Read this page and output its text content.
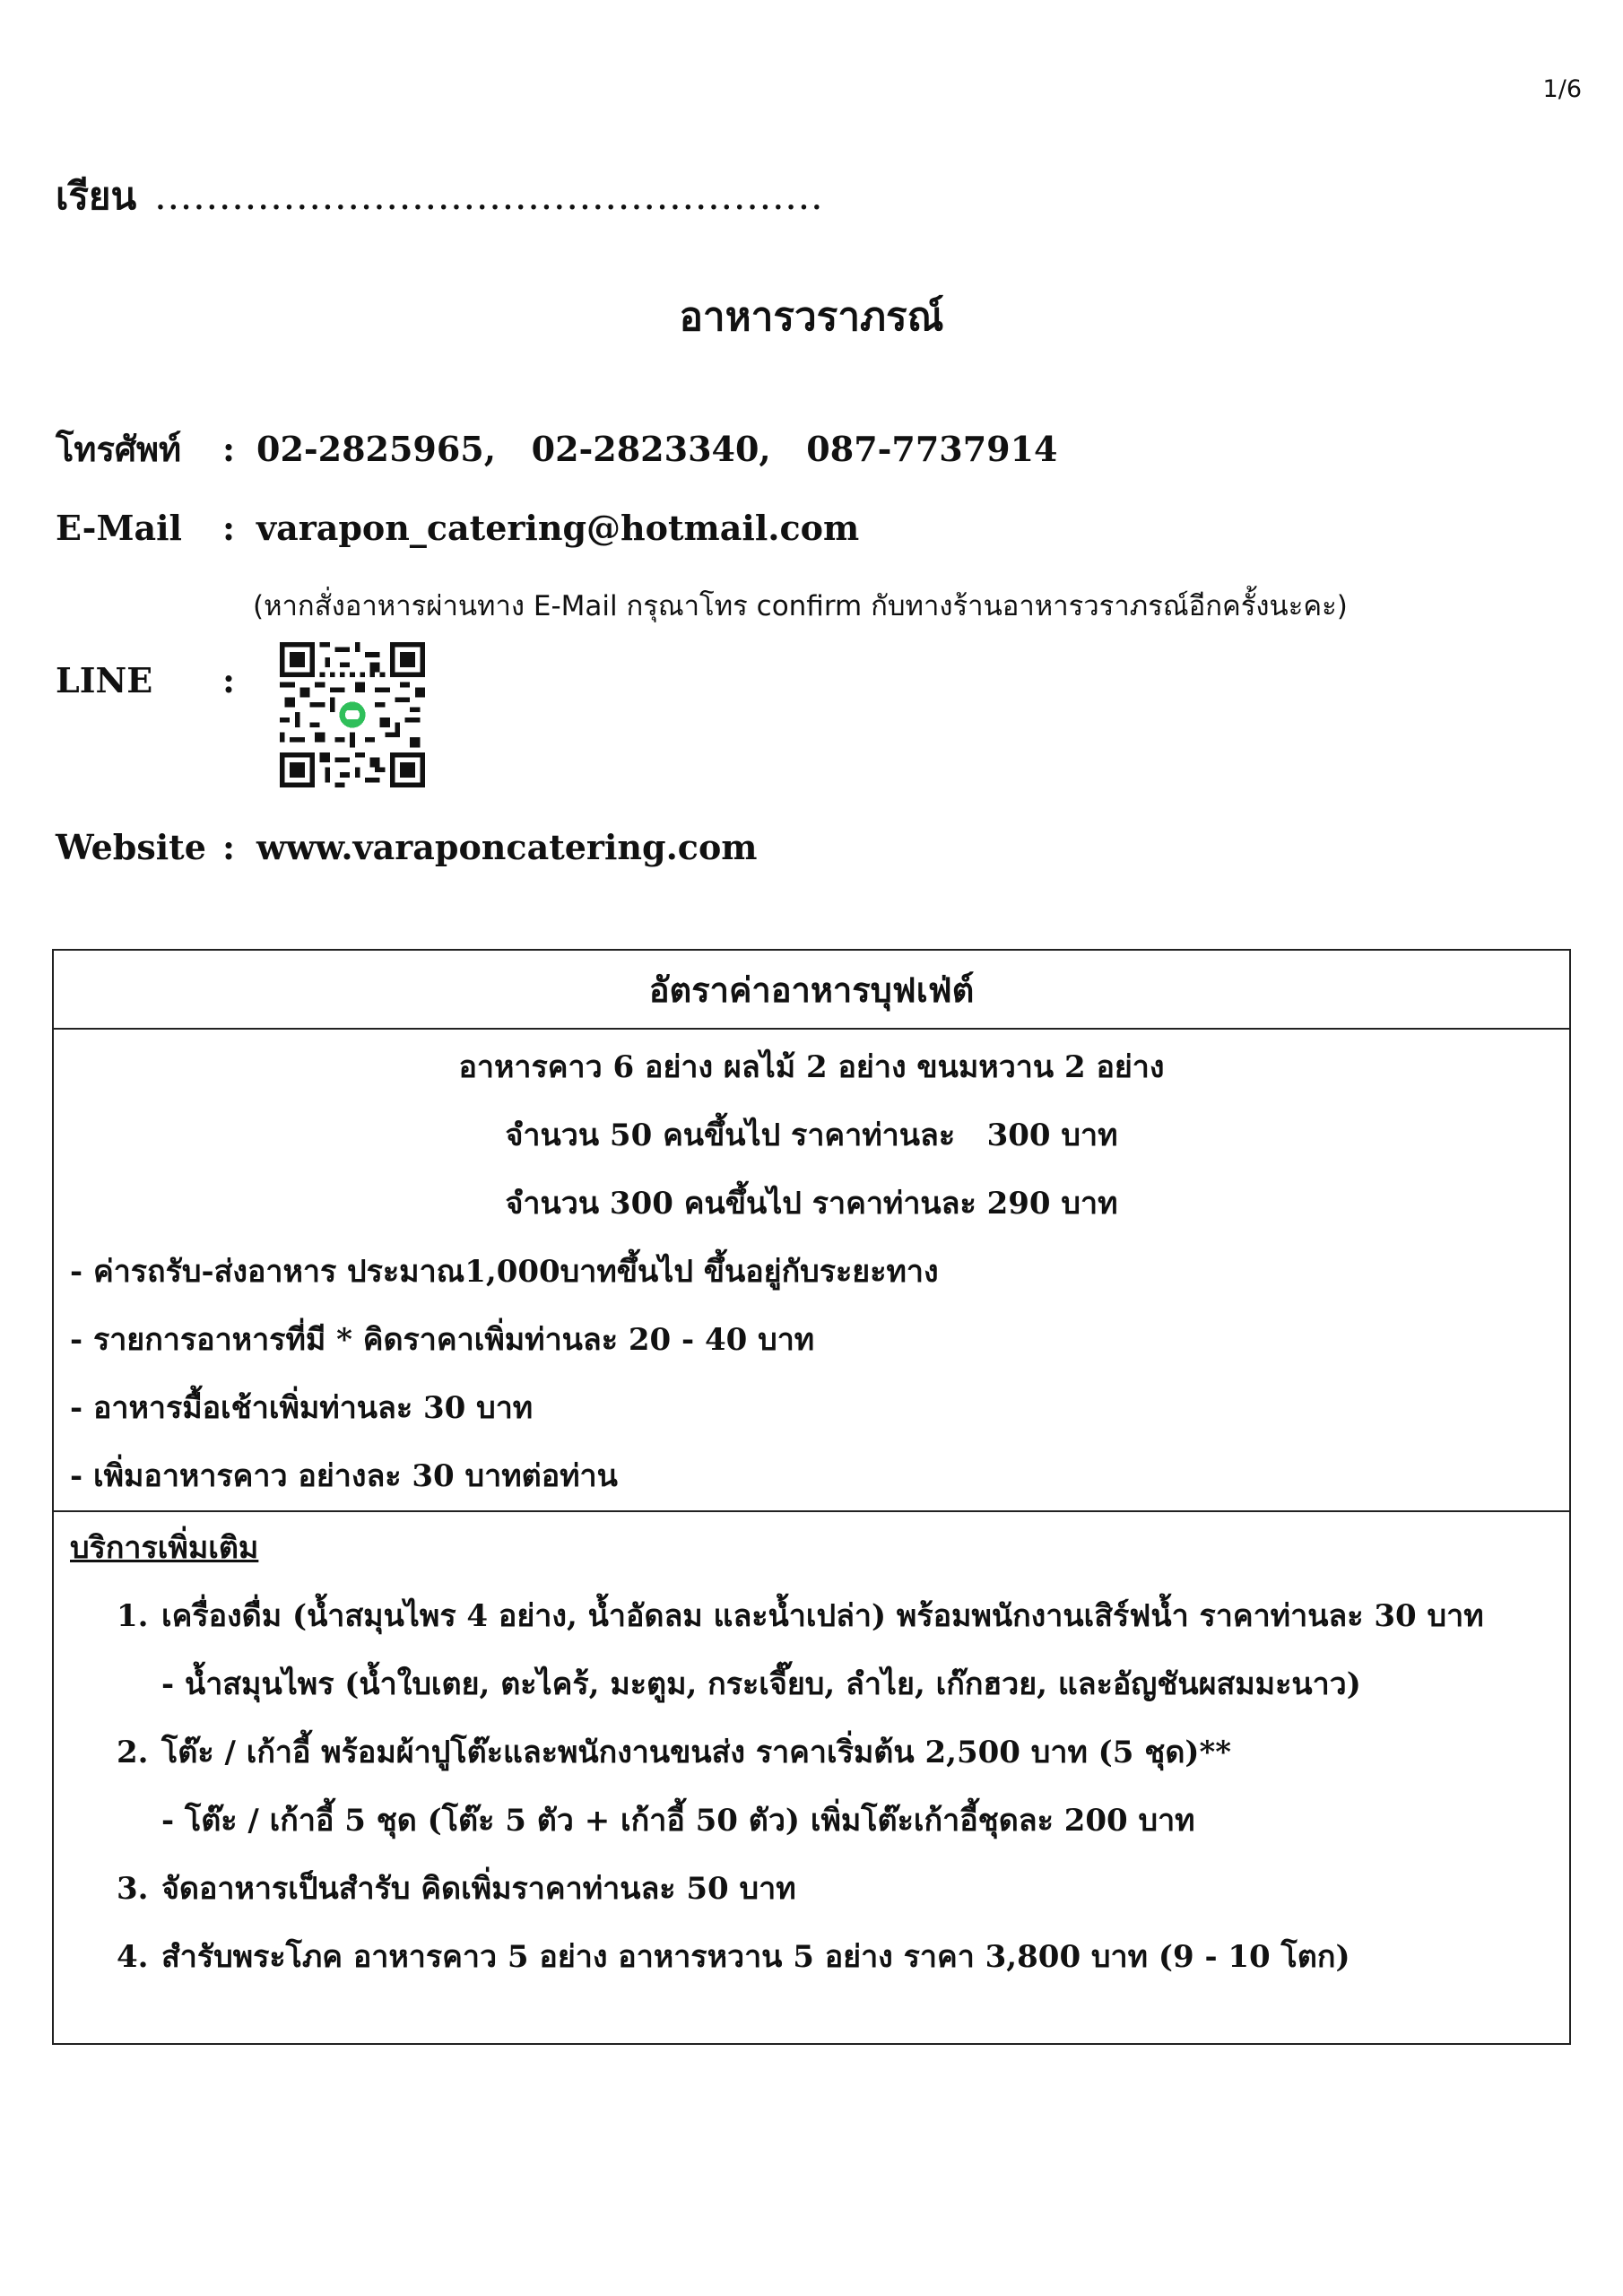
1/6
เรียน ....................................................
อาหารวราภรณ์
โทรศัพท์	: 02-2825965,   02-2823340,   087-7737914
E-Mail	: varapon_catering@hotmail.com
(หากสั่งอาหารผ่านทาง E-Mail กรุณาโทร confirm กับทางร้านอาหารวราภรณ์อีกครั้งนะคะ)
LINE	:
Website : www.varaponcatering.com
อัตราค่าอาหารบุฟเฟ่ต์
อาหารคาว 6 อย่าง ผลไม้ 2 อย่าง ขนมหวาน 2 อย่าง
จำนวน 50 คนขึ้นไป ราคาท่านละ   300 บาท
จำนวน 300 คนขึ้นไป ราคาท่านละ 290 บาท
- ค่ารถรับ-ส่งอาหาร ประมาณ1,000บาทขึ้นไป ขึ้นอยู่กับระยะทาง
- รายการอาหารที่มี * คิดราคาเพิ่มท่านละ 20 - 40 บาท
- อาหารมื้อเช้าเพิ่มท่านละ 30 บาท
- เพิ่มอาหารคาว อย่างละ 30 บาทต่อท่าน
บริการเพิ่มเติม
1. เครื่องดื่ม (น้ำสมุนไพร 4 อย่าง, น้ำอัดลม และน้ำเปล่า) พร้อมพนักงานเสิร์ฟน้ำ ราคาท่านละ 30 บาท
- น้ำสมุนไพร (น้ำใบเตย, ตะไคร้, มะตูม, กระเจี๊ยบ, ลำไย, เก๊กฮวย, และอัญชันผสมมะนาว)
2. โต๊ะ / เก้าอี้ พร้อมผ้าปูโต๊ะและพนักงานขนส่ง ราคาเริ่มต้น 2,500 บาท (5 ชุด)**
- โต๊ะ / เก้าอี้ 5 ชุด (โต๊ะ 5 ตัว + เก้าอี้ 50 ตัว) เพิ่มโต๊ะเก้าอี้ชุดละ 200 บาท
3. จัดอาหารเป็นสำรับ คิดเพิ่มราคาท่านละ 50 บาท
4. สำรับพระโภค อาหารคาว 5 อย่าง อาหารหวาน 5 อย่าง ราคา 3,800 บาท (9 - 10 โตก)
